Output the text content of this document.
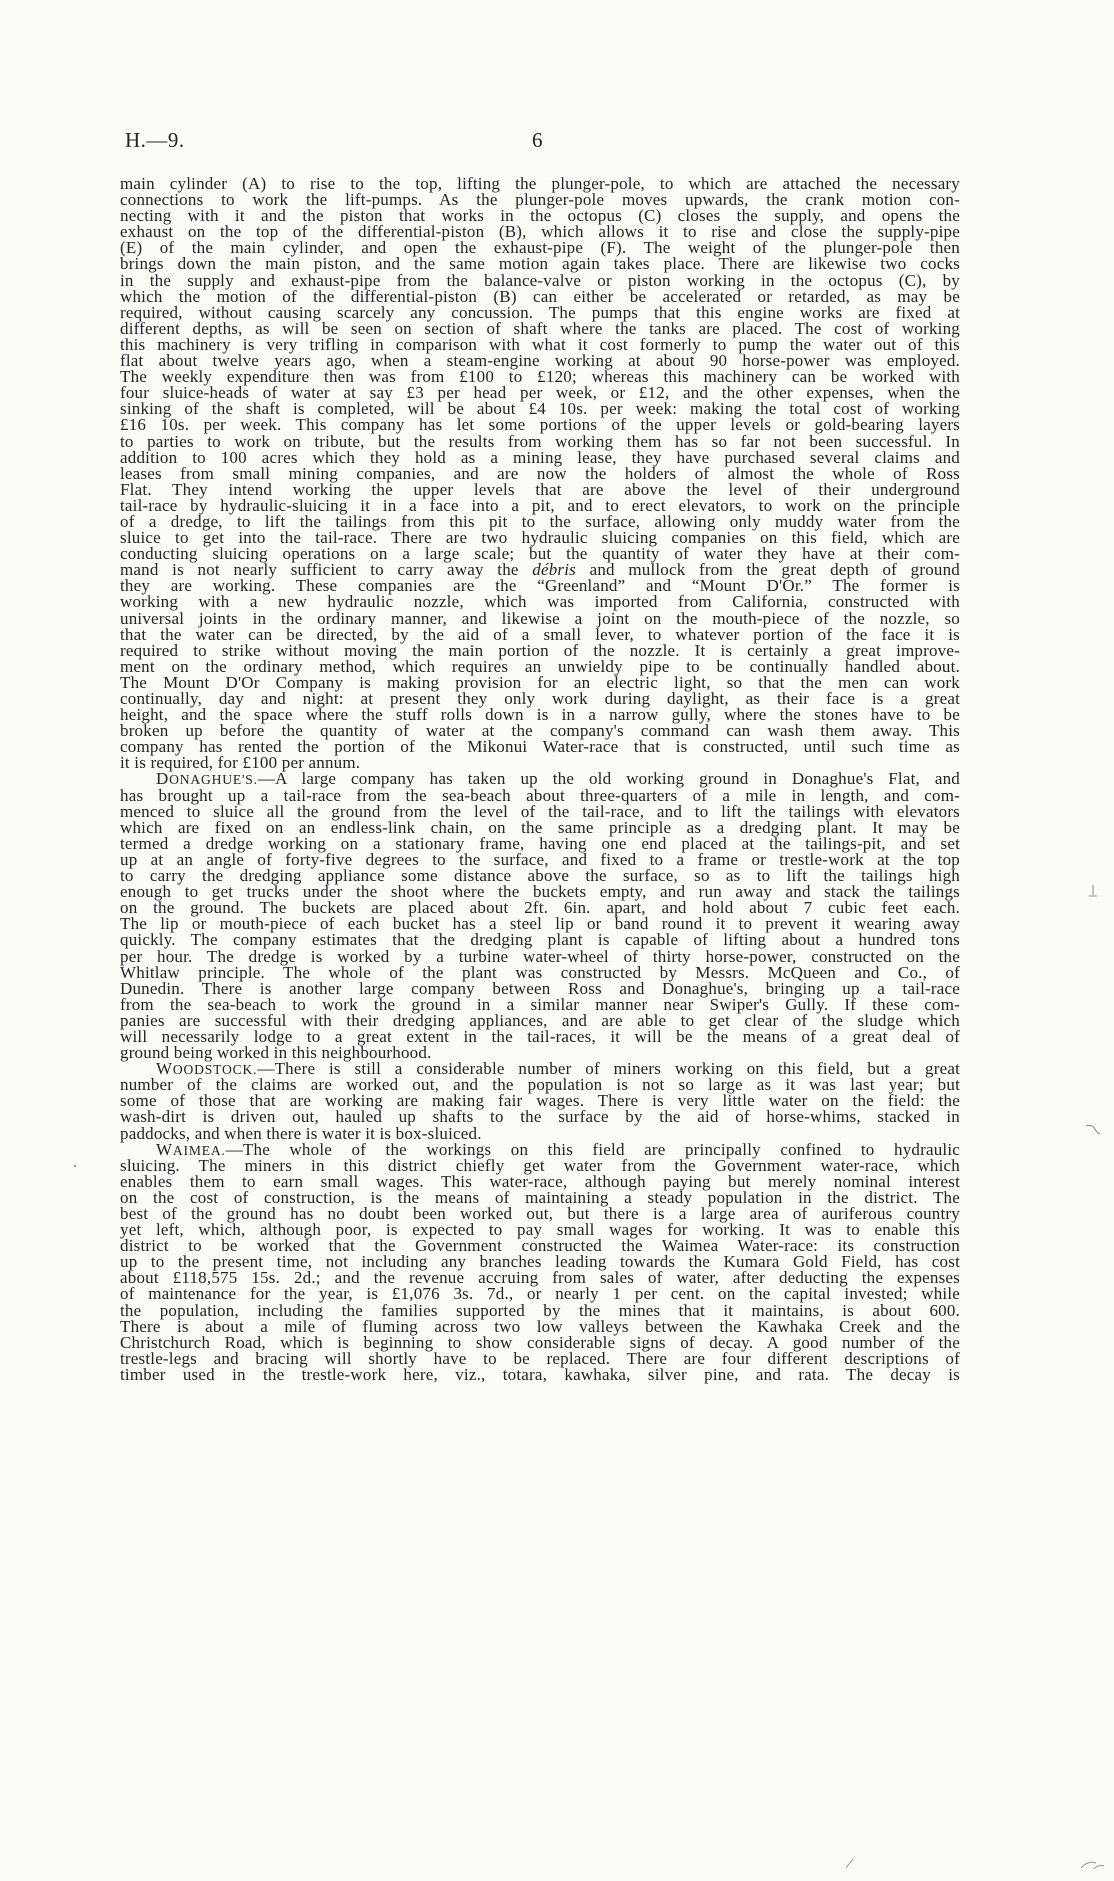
H.—9.	6
main cylinder (A) to rise to the top, lifting the plunger-pole, to which are attached the necessary
connections to work the lift-pumps. As the plunger-pole moves upwards, the crank motion con-
necting with it and the piston that works in the octopus (C) closes the supply, and opens the
exhaust on the top of the differential-piston (B), which allows it to rise and close the supply-pipe
(E) of the main cylinder, and open the exhaust-pipe (F). The weight of the plunger-pole then
brings down the main piston, and the same motion again takes place. There are likewise two cocks
in the supply and exhaust-pipe from the balance-valve or piston working in the octopus (C), by
which the motion of the differential-piston (B) can either be accelerated or retarded, as may be
required, without causing scarcely any concussion. The pumps that this engine works are fixed at
different depths, as will be seen on section of shaft where the tanks are placed. The cost of working
this machinery is very trifling in comparison with what it cost formerly to pump the water out of this
flat about twelve years ago, when a steam-engine working at about 90 horse-power was employed.
The weekly expenditure then was from £100 to £120; whereas this machinery can be worked with
four sluice-heads of water at say £3 per head per week, or £12, and the other expenses, when the
sinking of the shaft is completed, will be about £4 10s. per week: making the total cost of working
£16 10s. per week. This company has let some portions of the upper levels or gold-bearing layers
to parties to work on tribute, but the results from working them has so far not been successful. In
addition to 100 acres which they hold as a mining lease, they have purchased several claims and
leases from small mining companies, and are now the holders of almost the whole of Ross
Flat. They intend working the upper levels that are above the level of their underground
tail-race by hydraulic-sluicing it in a face into a pit, and to erect elevators, to work on the principle
of a dredge, to lift the tailings from this pit to the surface, allowing only muddy water from the
sluice to get into the tail-race. There are two hydraulic sluicing companies on this field, which are
conducting sluicing operations on a large scale; but the quantity of water they have at their com-
mand is not nearly sufficient to carry away the débris and mullock from the great depth of ground
they are working. These companies are the “Greenland” and “Mount D'Or.” The former is
working with a new hydraulic nozzle, which was imported from California, constructed with
universal joints in the ordinary manner, and likewise a joint on the mouth-piece of the nozzle, so
that the water can be directed, by the aid of a small lever, to whatever portion of the face it is
required to strike without moving the main portion of the nozzle. It is certainly a great improve-
ment on the ordinary method, which requires an unwieldy pipe to be continually handled about.
The Mount D'Or Company is making provision for an electric light, so that the men can work
continually, day and night: at present they only work during daylight, as their face is a great
height, and the space where the stuff rolls down is in a narrow gully, where the stones have to be
broken up before the quantity of water at the company's command can wash them away. This
company has rented the portion of the Mikonui Water-race that is constructed, until such time as
it is required, for £100 per annum.
DONAGHUE'S.—A large company has taken up the old working ground in Donaghue's Flat, and
has brought up a tail-race from the sea-beach about three-quarters of a mile in length, and com-
menced to sluice all the ground from the level of the tail-race, and to lift the tailings with elevators
which are fixed on an endless-link chain, on the same principle as a dredging plant. It may be
termed a dredge working on a stationary frame, having one end placed at the tailings-pit, and set
up at an angle of forty-five degrees to the surface, and fixed to a frame or trestle-work at the top
to carry the dredging appliance some distance above the surface, so as to lift the tailings high
enough to get trucks under the shoot where the buckets empty, and run away and stack the tailings
on the ground. The buckets are placed about 2ft. 6in. apart, and hold about 7 cubic feet each.
The lip or mouth-piece of each bucket has a steel lip or band round it to prevent it wearing away
quickly. The company estimates that the dredging plant is capable of lifting about a hundred tons
per hour. The dredge is worked by a turbine water-wheel of thirty horse-power, constructed on the
Whitlaw principle. The whole of the plant was constructed by Messrs. McQueen and Co., of
Dunedin. There is another large company between Ross and Donaghue's, bringing up a tail-race
from the sea-beach to work the ground in a similar manner near Swiper's Gully. If these com-
panies are successful with their dredging appliances, and are able to get clear of the sludge which
will necessarily lodge to a great extent in the tail-races, it will be the means of a great deal of
ground being worked in this neighbourhood.
WOODSTOCK.—There is still a considerable number of miners working on this field, but a great
number of the claims are worked out, and the population is not so large as it was last year; but
some of those that are working are making fair wages. There is very little water on the field: the
wash-dirt is driven out, hauled up shafts to the surface by the aid of horse-whims, stacked in
paddocks, and when there is water it is box-sluiced.
WAIMEA.—The whole of the workings on this field are principally confined to hydraulic
sluicing. The miners in this district chiefly get water from the Government water-race, which
enables them to earn small wages. This water-race, although paying but merely nominal interest
on the cost of construction, is the means of maintaining a steady population in the district. The
best of the ground has no doubt been worked out, but there is a large area of auriferous country
yet left, which, although poor, is expected to pay small wages for working. It was to enable this
district to be worked that the Government constructed the Waimea Water-race: its construction
up to the present time, not including any branches leading towards the Kumara Gold Field, has cost
about £118,575 15s. 2d.; and the revenue accruing from sales of water, after deducting the expenses
of maintenance for the year, is £1,076 3s. 7d., or nearly 1 per cent. on the capital invested; while
the population, including the families supported by the mines that it maintains, is about 600.
There is about a mile of fluming across two low valleys between the Kawhaka Creek and the
Christchurch Road, which is beginning to show considerable signs of decay. A good number of the
trestle-legs and bracing will shortly have to be replaced. There are four different descriptions of
timber used in the trestle-work here, viz., totara, kawhaka, silver pine, and rata. The decay is
